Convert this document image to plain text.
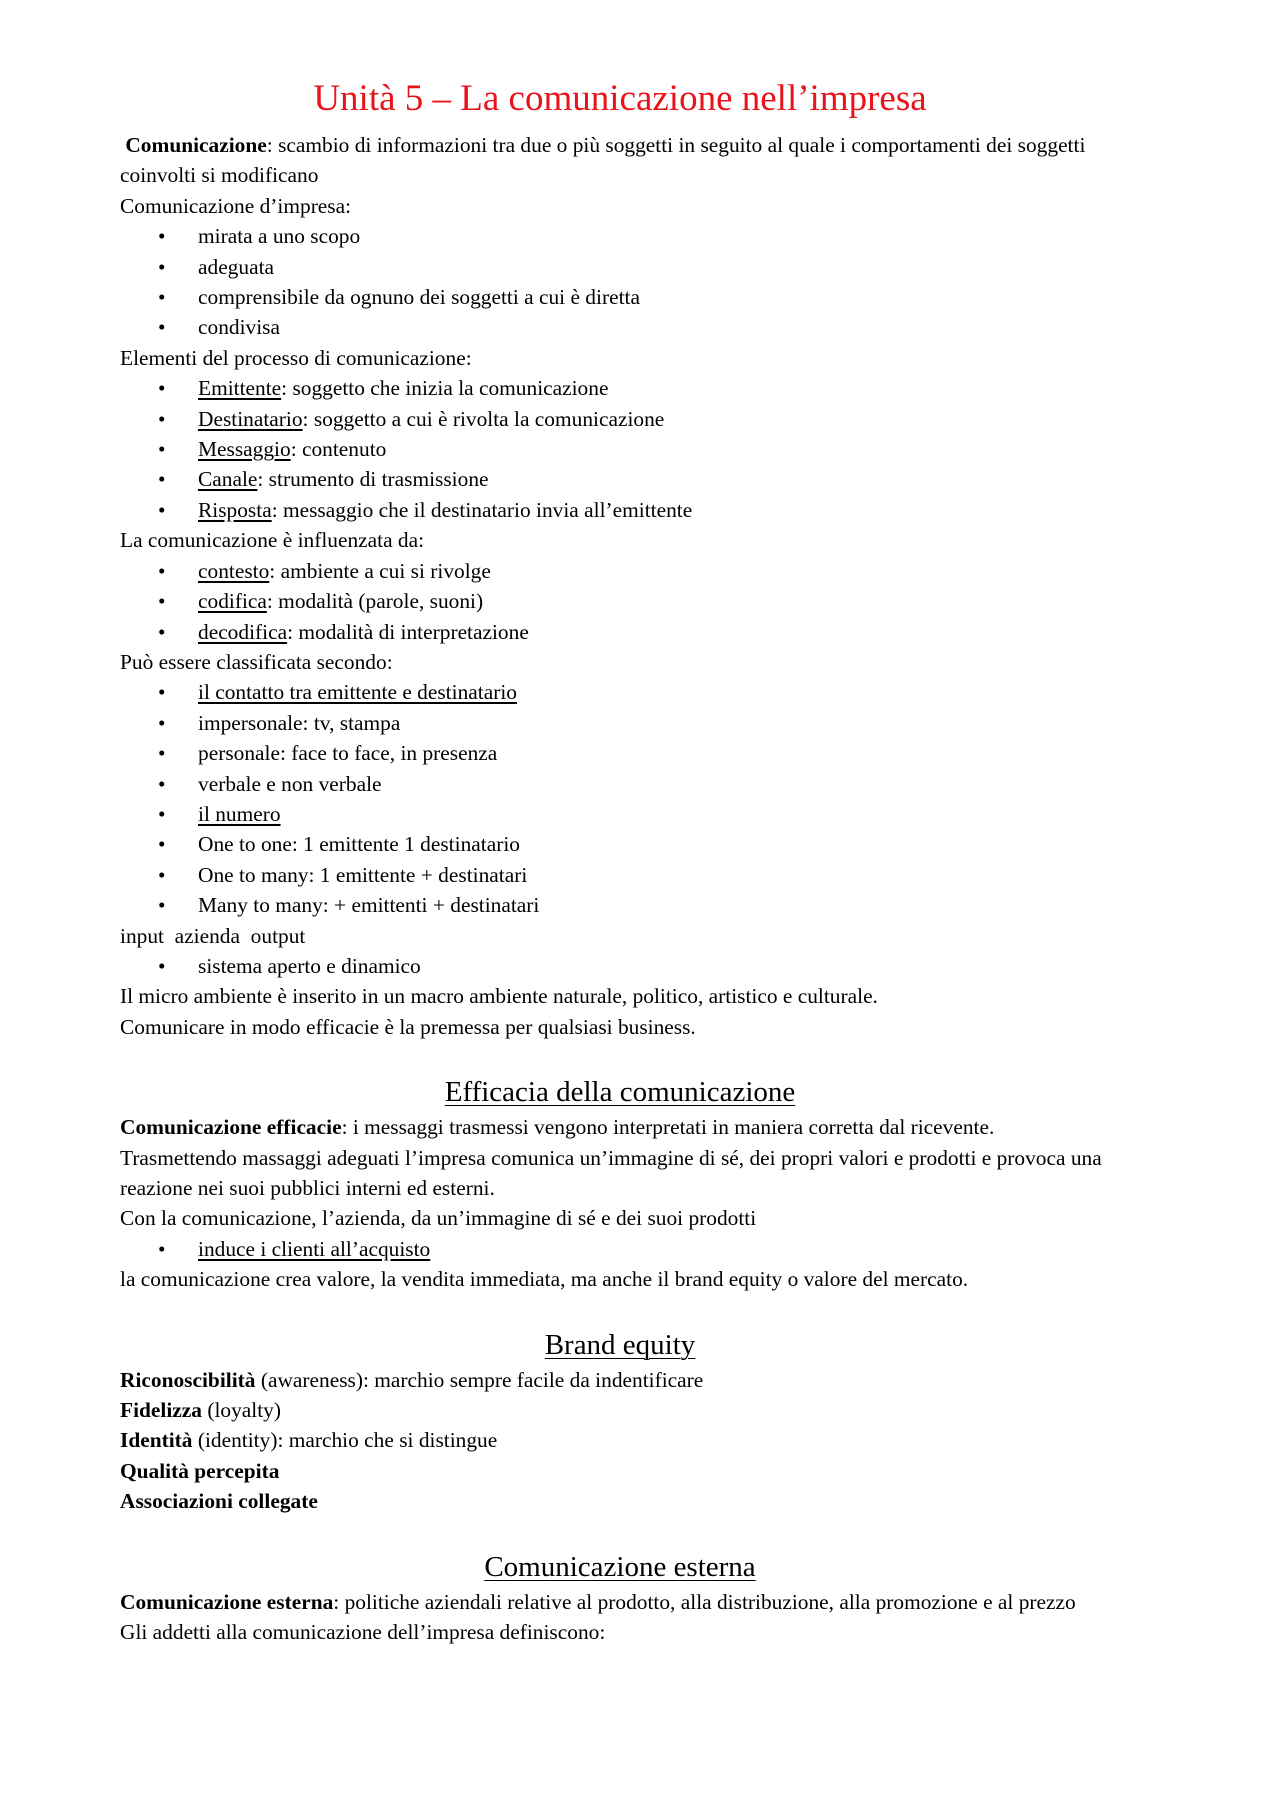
Unità 5 – La comunicazione nell’impresa

Comunicazione: scambio di informazioni tra due o più soggetti in seguito al quale i comportamenti dei soggetti coinvolti si modificano

Comunicazione d’impresa:

• mirata a uno scopo
• adeguata
• comprensibile da ognuno dei soggetti a cui è diretta
• condivisa

Elementi del processo di comunicazione:

• Emittente: soggetto che inizia la comunicazione
• Destinatario: soggetto a cui è rivolta la comunicazione
• Messaggio: contenuto
• Canale: strumento di trasmissione
• Risposta: messaggio che il destinatario invia all’emittente

La comunicazione è influenzata da:

• contesto: ambiente a cui si rivolge
• codifica: modalità (parole, suoni)
• decodifica: modalità di interpretazione

Può essere classificata secondo:

• il contatto tra emittente e destinatario
• impersonale: tv, stampa
• personale: face to face, in presenza
• verbale e non verbale
• il numero
• One to one: 1 emittente 1 destinatario
• One to many: 1 emittente + destinatari
• Many to many: + emittenti + destinatari

input  azienda  output

• sistema aperto e dinamico

Il micro ambiente è inserito in un macro ambiente naturale, politico, artistico e culturale.

Comunicare in modo efficacie è la premessa per qualsiasi business.

Efficacia della comunicazione

Comunicazione efficacie: i messaggi trasmessi vengono interpretati in maniera corretta dal ricevente.

Trasmettendo massaggi adeguati l’impresa comunica un’immagine di sé, dei propri valori e prodotti e provoca una reazione nei suoi pubblici interni ed esterni.

Con la comunicazione, l’azienda, da un’immagine di sé e dei suoi prodotti

• induce i clienti all’acquisto

la comunicazione crea valore, la vendita immediata, ma anche il brand equity o valore del mercato.

Brand equity

Riconoscibilità (awareness): marchio sempre facile da indentificare

Fidelizza (loyalty)

Identità (identity): marchio che si distingue

Qualità percepita

Associazioni collegate

Comunicazione esterna

Comunicazione esterna: politiche aziendali relative al prodotto, alla distribuzione, alla promozione e al prezzo

Gli addetti alla comunicazione dell’impresa definiscono:
